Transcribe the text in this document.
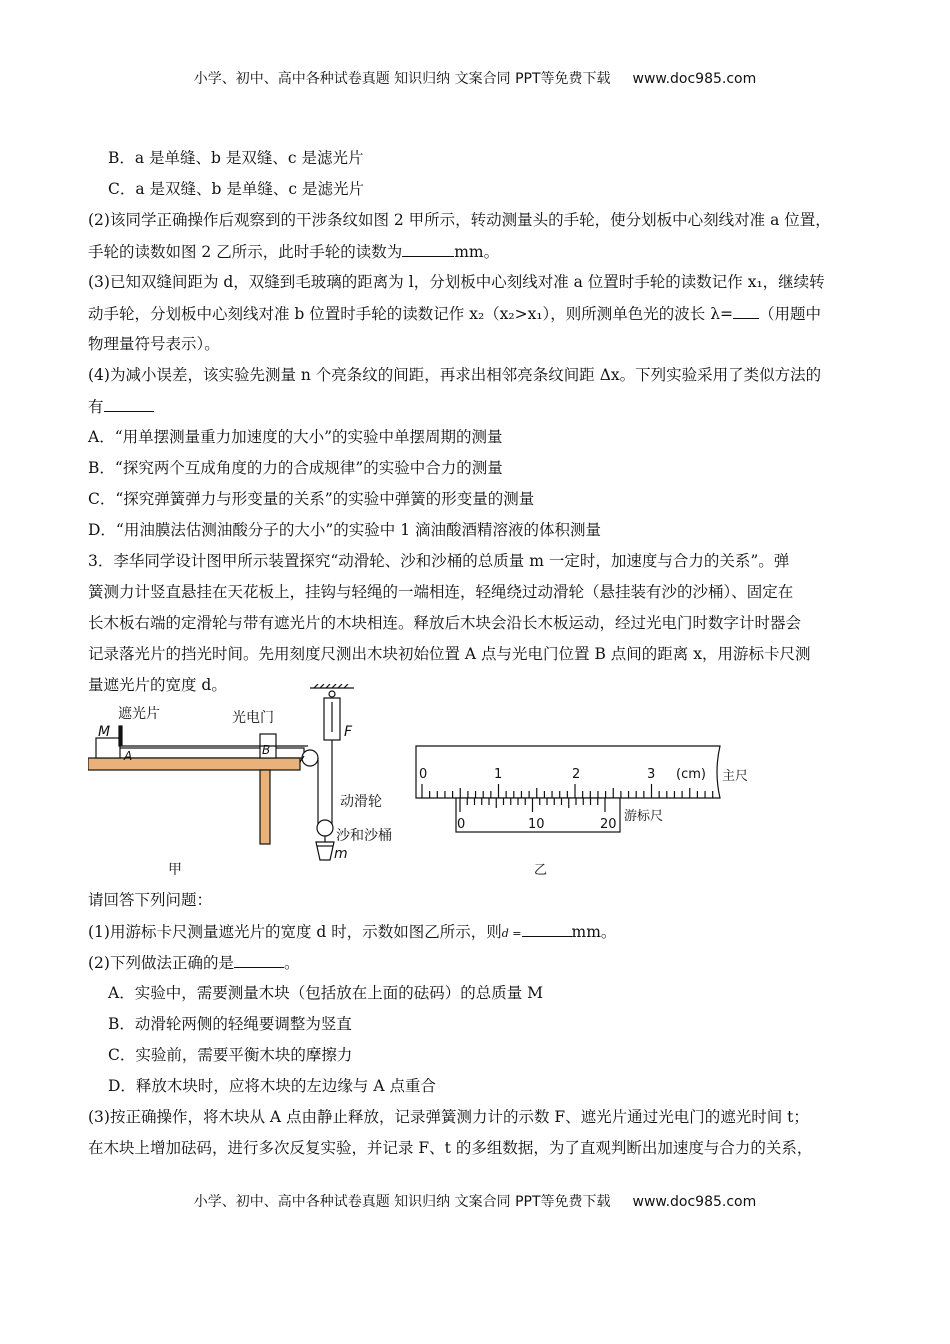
小学、初中、高中各种试卷真题 知识归纳 文案合同 PPT等免费下载 www.doc985.com
B．a 是单缝、b 是双缝、c 是滤光片
C．a 是双缝、b 是单缝、c 是滤光片
(2)该同学正确操作后观察到的干涉条纹如图 2 甲所示，转动测量头的手轮，使分划板中心刻线对准 a 位置，
手轮的读数如图 2 乙所示，此时手轮的读数为	mm。
(3)已知双缝间距为 d，双缝到毛玻璃的距离为 l，分划板中心刻线对准 a 位置时手轮的读数记作 x₁，继续转
动手轮，分划板中心刻线对准 b 位置时手轮的读数记作 x₂（x₂>x₁），则所测单色光的波长 λ= （用题中
物理量符号表示）。
(4)为减小误差，该实验先测量 n 个亮条纹的间距，再求出相邻亮条纹间距 Δx。下列实验采用了类似方法的
有
A．“用单摆测量重力加速度的大小”的实验中单摆周期的测量
B．“探究两个互成角度的力的合成规律”的实验中合力的测量
C．“探究弹簧弹力与形变量的关系”的实验中弹簧的形变量的测量
D．“用油膜法估测油酸分子的大小”的实验中 1 滴油酸酒精溶液的体积测量
3．李华同学设计图甲所示装置探究“动滑轮、沙和沙桶的总质量 m 一定时，加速度与合力的关系”。弹
簧测力计竖直悬挂在天花板上，挂钩与轻绳的一端相连，轻绳绕过动滑轮（悬挂装有沙的沙桶）、固定在
长木板右端的定滑轮与带有遮光片的木块相连。释放后木块会沿长木板运动，经过光电门时数字计时器会
记录落光片的挡光时间。先用刻度尺测出木块初始位置 A 点与光电门位置 B 点间的距离 x，用游标卡尺测
量遮光片的宽度 d。
遮光片
M
A
光电门
B
F
动滑轮
沙和沙桶
m
甲
0	1	2	3 (cm) 主尺
0	10	20
游标尺
乙
请回答下列问题：
(1)用游标卡尺测量遮光片的宽度 d 时，示数如图乙所示，则d =	mm。
(2)下列做法正确的是	。
A．实验中，需要测量木块（包括放在上面的砝码）的总质量 M
B．动滑轮两侧的轻绳要调整为竖直
C．实验前，需要平衡木块的摩擦力
D．释放木块时，应将木块的左边缘与 A 点重合
(3)按正确操作，将木块从 A 点由静止释放，记录弹簧测力计的示数 F、遮光片通过光电门的遮光时间 t；
在木块上增加砝码，进行多次反复实验，并记录 F、t 的多组数据，为了直观判断出加速度与合力的关系，
小学、初中、高中各种试卷真题 知识归纳 文案合同 PPT等免费下载 www.doc985.com
